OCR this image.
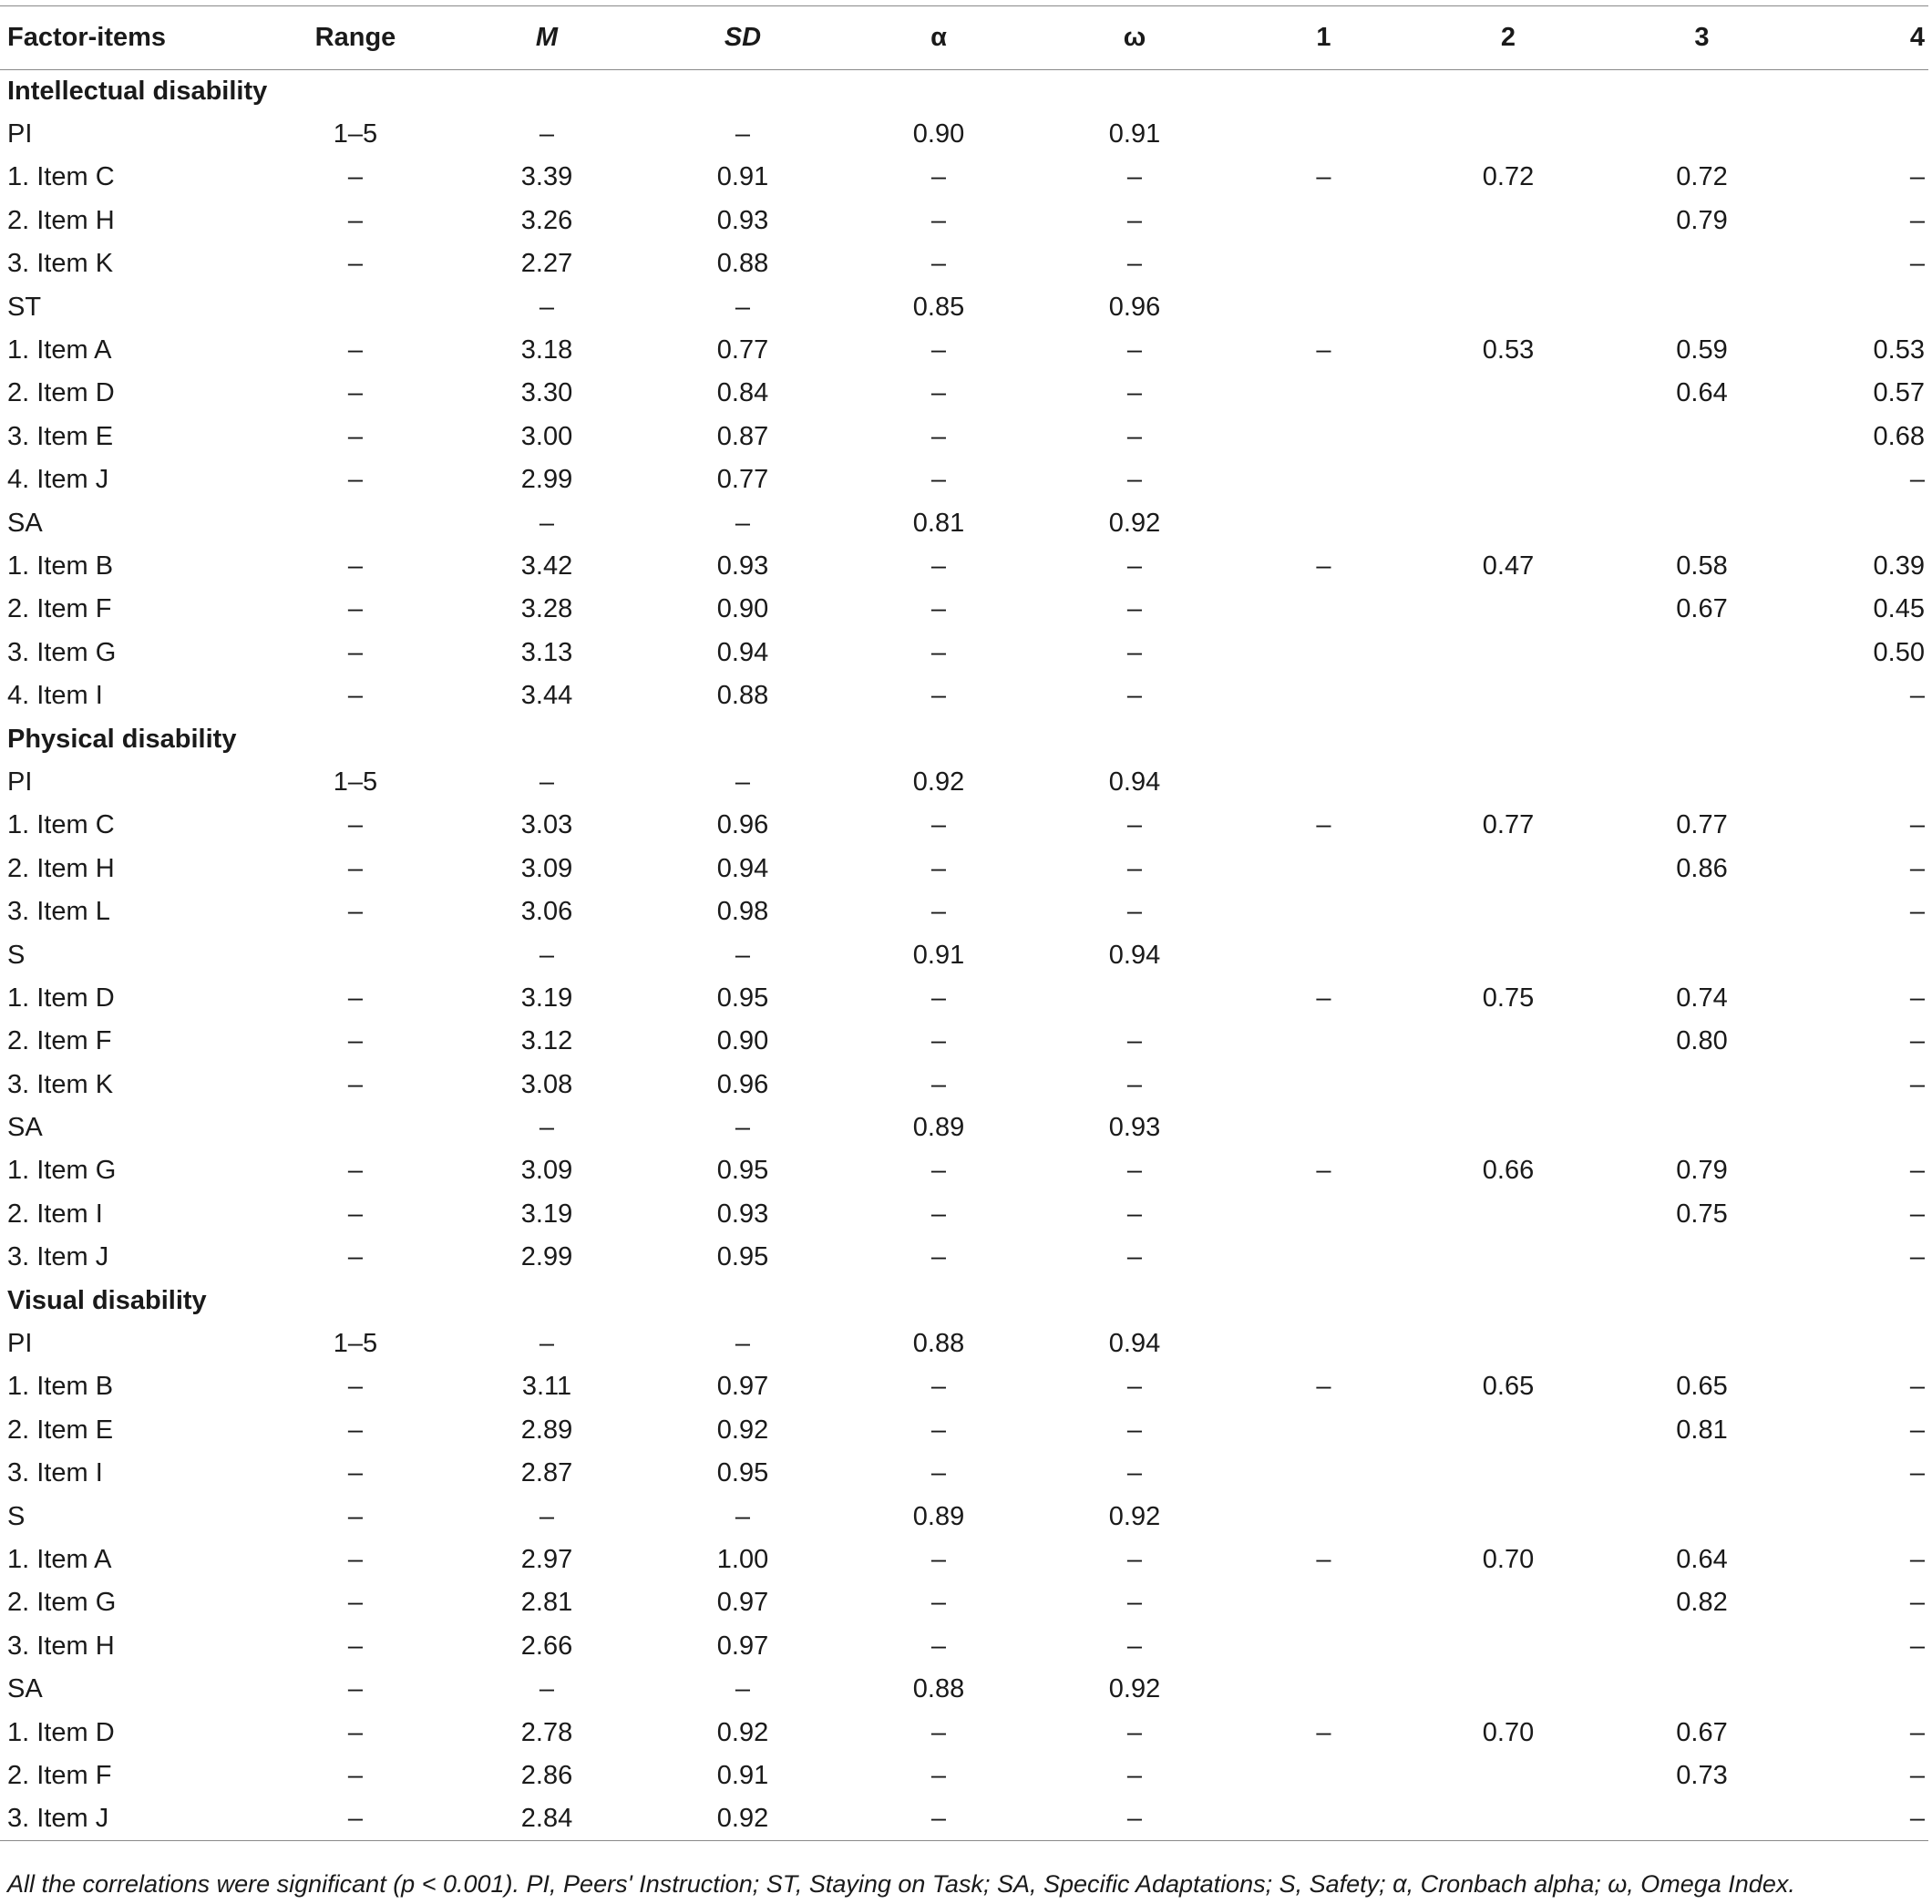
Factor-items	Range	M	SD	α	ω	1	2	3	4
Intellectual disability									
PI	1–5	–	–	0.90	0.91				
1. Item C	–	3.39	0.91	–	–	–	0.72	0.72	–
2. Item H	–	3.26	0.93	–	–			0.79	–
3. Item K	–	2.27	0.88	–	–				–
ST		–	–	0.85	0.96				
1. Item A	–	3.18	0.77	–	–	–	0.53	0.59	0.53
2. Item D	–	3.30	0.84	–	–			0.64	0.57
3. Item E	–	3.00	0.87	–	–				0.68
4. Item J	–	2.99	0.77	–	–				–
SA		–	–	0.81	0.92				
1. Item B	–	3.42	0.93	–	–	–	0.47	0.58	0.39
2. Item F	–	3.28	0.90	–	–			0.67	0.45
3. Item G	–	3.13	0.94	–	–				0.50
4. Item I	–	3.44	0.88	–	–				–
Physical disability									
PI	1–5	–	–	0.92	0.94				
1. Item C	–	3.03	0.96	–	–	–	0.77	0.77	–
2. Item H	–	3.09	0.94	–	–			0.86	–
3. Item L	–	3.06	0.98	–	–				–
S		–	–	0.91	0.94				
1. Item D	–	3.19	0.95	–		–	0.75	0.74	–
2. Item F	–	3.12	0.90	–	–			0.80	–
3. Item K	–	3.08	0.96	–	–				–
SA		–	–	0.89	0.93				
1. Item G	–	3.09	0.95	–	–	–	0.66	0.79	–
2. Item I	–	3.19	0.93	–	–			0.75	–
3. Item J	–	2.99	0.95	–	–				–
Visual disability									
PI	1–5	–	–	0.88	0.94				
1. Item B	–	3.11	0.97	–	–	–	0.65	0.65	–
2. Item E	–	2.89	0.92	–	–			0.81	–
3. Item I	–	2.87	0.95	–	–				–
S	–	–	–	0.89	0.92				
1. Item A	–	2.97	1.00	–	–	–	0.70	0.64	–
2. Item G	–	2.81	0.97	–	–			0.82	–
3. Item H	–	2.66	0.97	–	–				–
SA	–	–	–	0.88	0.92				
1. Item D	–	2.78	0.92	–	–	–	0.70	0.67	–
2. Item F	–	2.86	0.91	–	–			0.73	–
3. Item J	–	2.84	0.92	–	–				–
All the correlations were significant (p < 0.001). PI, Peers' Instruction; ST, Staying on Task; SA, Specific Adaptations; S, Safety; α, Cronbach alpha; ω, Omega Index.
